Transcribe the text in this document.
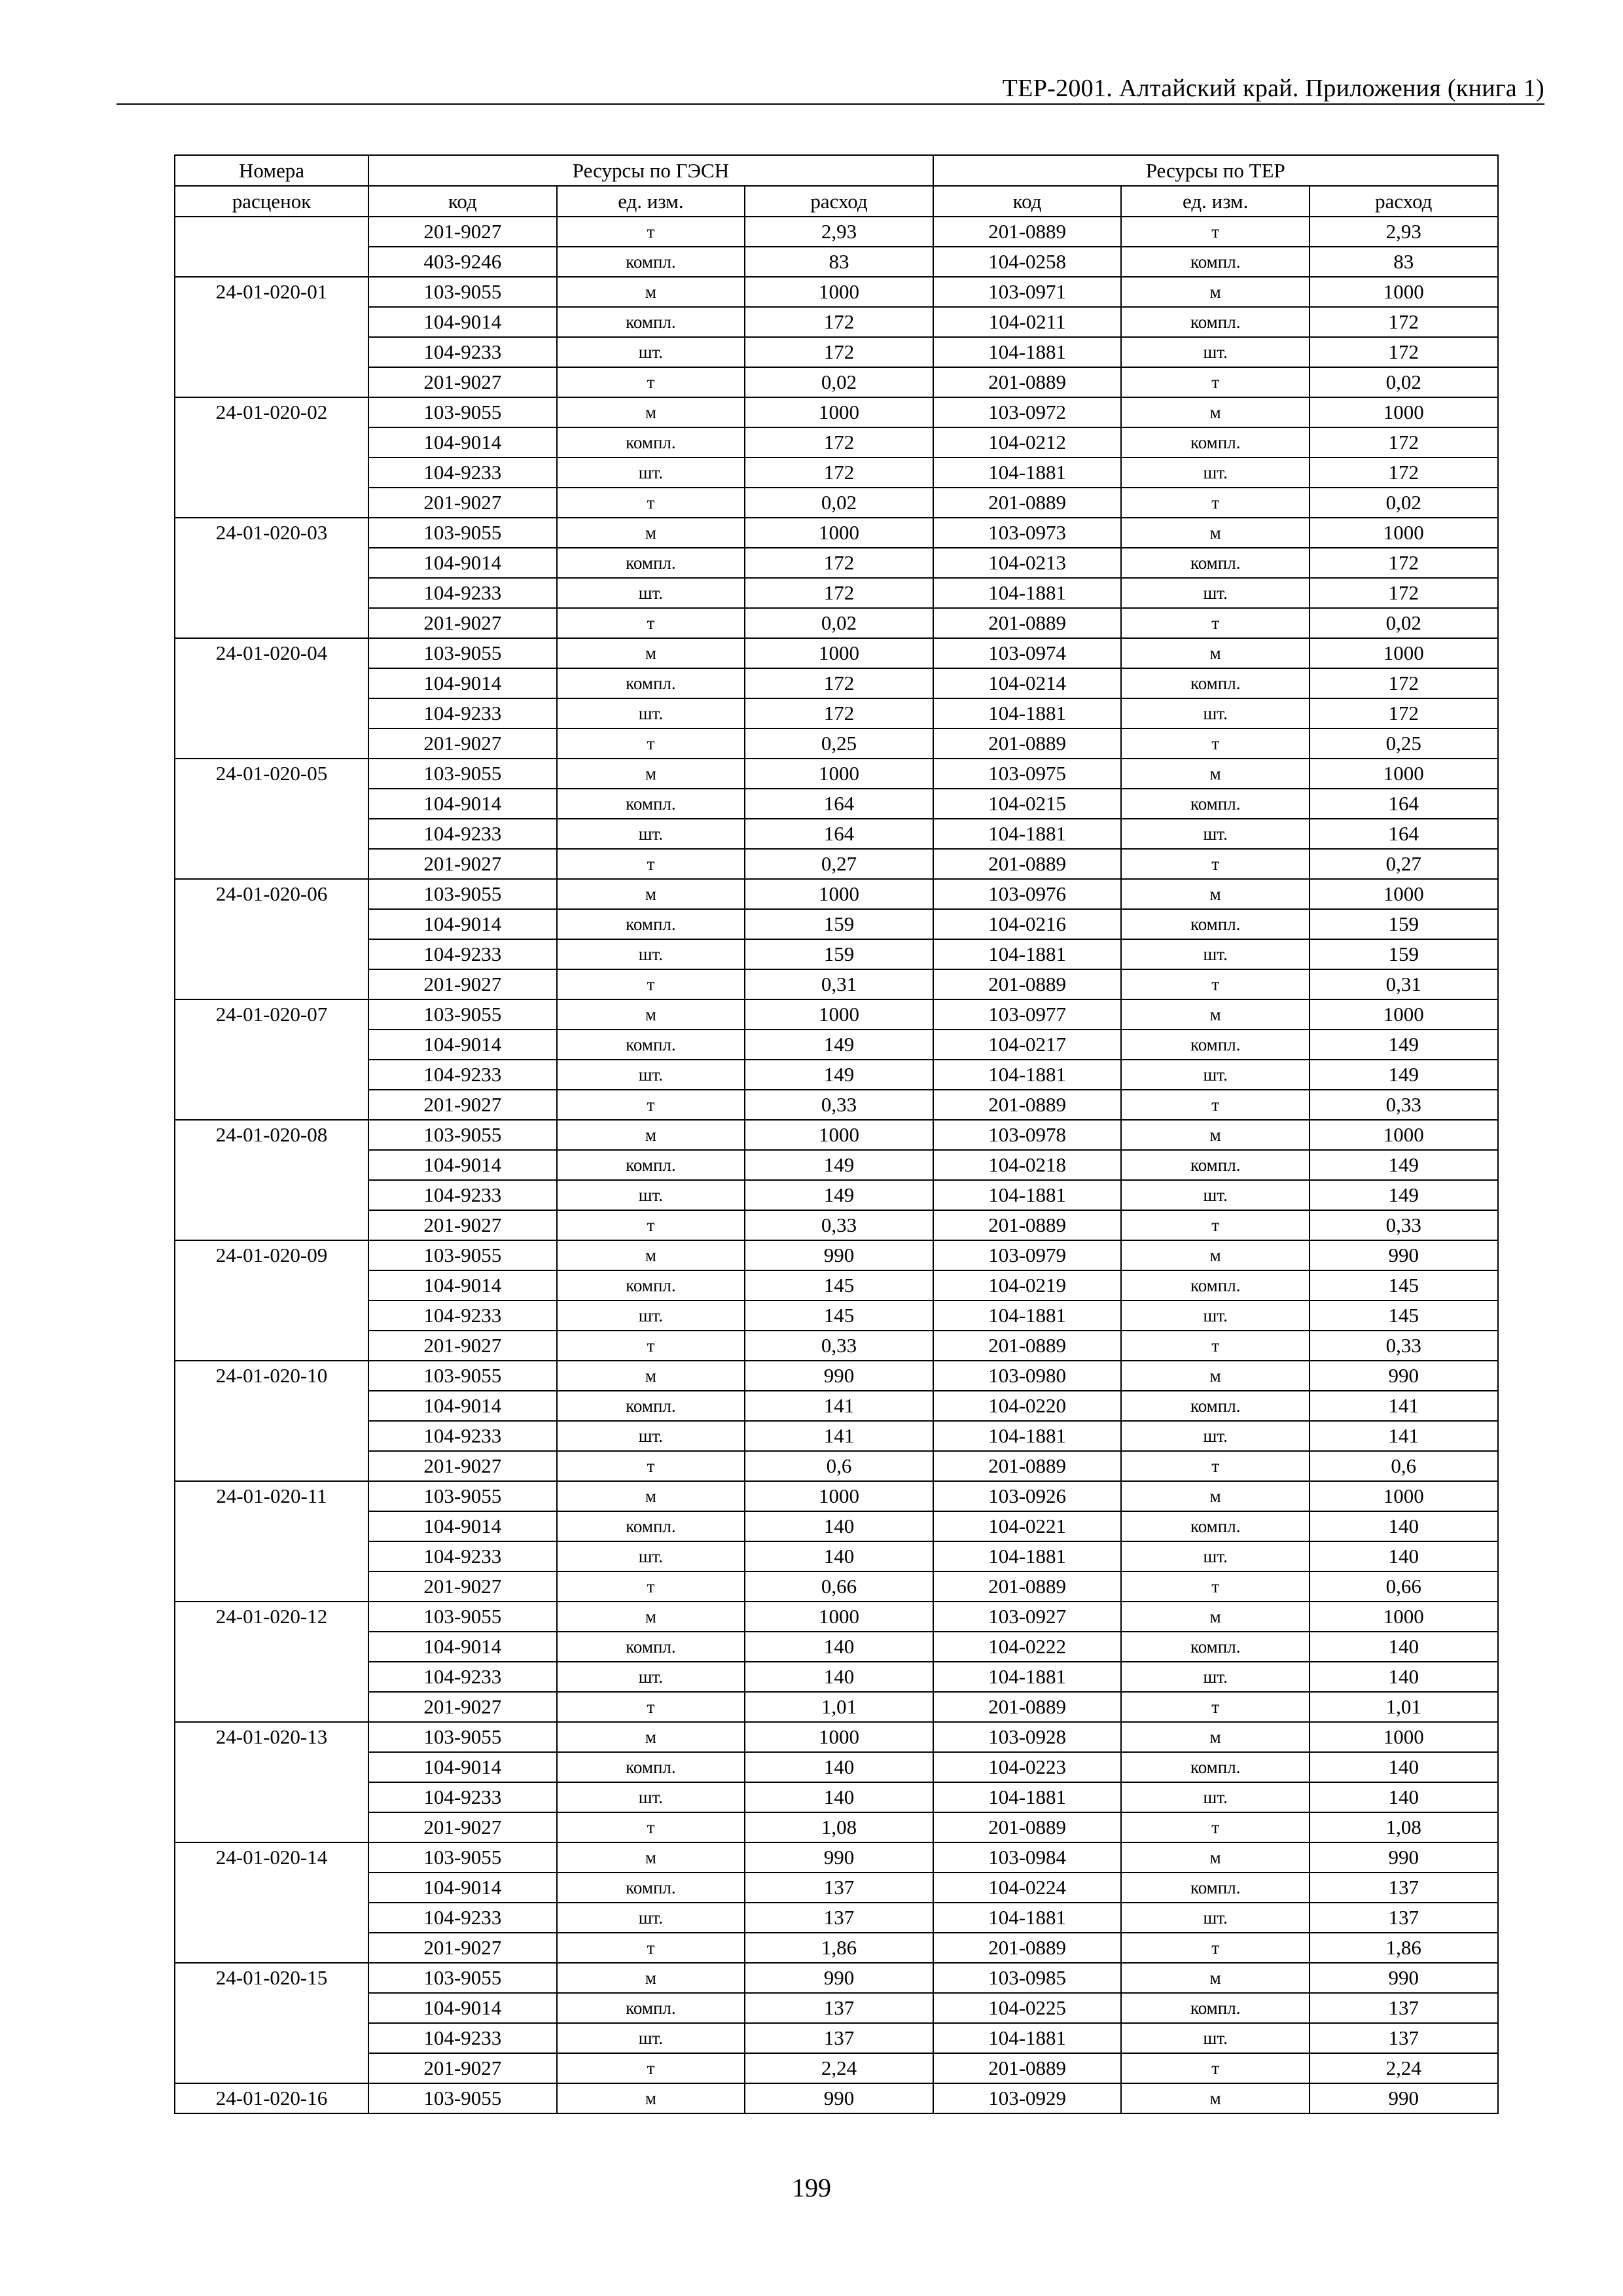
ТЕР-2001. Алтайский край. Приложения (книга 1)
Номера	Ресурсы по ГЭСН			Ресурсы по ТЕР		
расценок	код	ед. изм.	расход	код	ед. изм.	расход
	201-9027	т	2,93	201-0889	т	2,93
	403-9246	компл.	83	104-0258	компл.	83
24-01-020-01	103-9055	м	1000	103-0971	м	1000
	104-9014	компл.	172	104-0211	компл.	172
	104-9233	шт.	172	104-1881	шт.	172
	201-9027	т	0,02	201-0889	т	0,02
24-01-020-02	103-9055	м	1000	103-0972	м	1000
	104-9014	компл.	172	104-0212	компл.	172
	104-9233	шт.	172	104-1881	шт.	172
	201-9027	т	0,02	201-0889	т	0,02
24-01-020-03	103-9055	м	1000	103-0973	м	1000
	104-9014	компл.	172	104-0213	компл.	172
	104-9233	шт.	172	104-1881	шт.	172
	201-9027	т	0,02	201-0889	т	0,02
24-01-020-04	103-9055	м	1000	103-0974	м	1000
	104-9014	компл.	172	104-0214	компл.	172
	104-9233	шт.	172	104-1881	шт.	172
	201-9027	т	0,25	201-0889	т	0,25
24-01-020-05	103-9055	м	1000	103-0975	м	1000
	104-9014	компл.	164	104-0215	компл.	164
	104-9233	шт.	164	104-1881	шт.	164
	201-9027	т	0,27	201-0889	т	0,27
24-01-020-06	103-9055	м	1000	103-0976	м	1000
	104-9014	компл.	159	104-0216	компл.	159
	104-9233	шт.	159	104-1881	шт.	159
	201-9027	т	0,31	201-0889	т	0,31
24-01-020-07	103-9055	м	1000	103-0977	м	1000
	104-9014	компл.	149	104-0217	компл.	149
	104-9233	шт.	149	104-1881	шт.	149
	201-9027	т	0,33	201-0889	т	0,33
24-01-020-08	103-9055	м	1000	103-0978	м	1000
	104-9014	компл.	149	104-0218	компл.	149
	104-9233	шт.	149	104-1881	шт.	149
	201-9027	т	0,33	201-0889	т	0,33
24-01-020-09	103-9055	м	990	103-0979	м	990
	104-9014	компл.	145	104-0219	компл.	145
	104-9233	шт.	145	104-1881	шт.	145
	201-9027	т	0,33	201-0889	т	0,33
24-01-020-10	103-9055	м	990	103-0980	м	990
	104-9014	компл.	141	104-0220	компл.	141
	104-9233	шт.	141	104-1881	шт.	141
	201-9027	т	0,6	201-0889	т	0,6
24-01-020-11	103-9055	м	1000	103-0926	м	1000
	104-9014	компл.	140	104-0221	компл.	140
	104-9233	шт.	140	104-1881	шт.	140
	201-9027	т	0,66	201-0889	т	0,66
24-01-020-12	103-9055	м	1000	103-0927	м	1000
	104-9014	компл.	140	104-0222	компл.	140
	104-9233	шт.	140	104-1881	шт.	140
	201-9027	т	1,01	201-0889	т	1,01
24-01-020-13	103-9055	м	1000	103-0928	м	1000
	104-9014	компл.	140	104-0223	компл.	140
	104-9233	шт.	140	104-1881	шт.	140
	201-9027	т	1,08	201-0889	т	1,08
24-01-020-14	103-9055	м	990	103-0984	м	990
	104-9014	компл.	137	104-0224	компл.	137
	104-9233	шт.	137	104-1881	шт.	137
	201-9027	т	1,86	201-0889	т	1,86
24-01-020-15	103-9055	м	990	103-0985	м	990
	104-9014	компл.	137	104-0225	компл.	137
	104-9233	шт.	137	104-1881	шт.	137
	201-9027	т	2,24	201-0889	т	2,24
24-01-020-16	103-9055	м	990	103-0929	м	990
199
